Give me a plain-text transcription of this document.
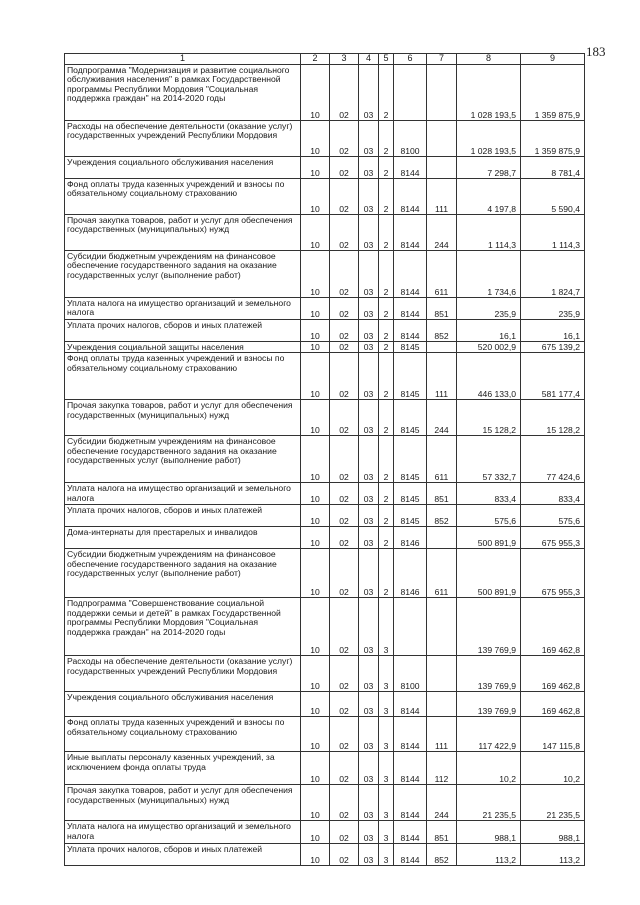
183
1	2	3	4	5	6	7	8	9
Подпрограмма "Модернизация и развитие социального обслуживания населения" в рамках Государственной программы Республики Мордовия "Социальная поддержка граждан" на 2014-2020 годы	10	02	03	2			1 028 193,5	1 359 875,9
Расходы на обеспечение деятельности (оказание услуг) государственных учреждений Республики Мордовия	10	02	03	2	8100		1 028 193,5	1 359 875,9
Учреждения социального обслуживания населения	10	02	03	2	8144		7 298,7	8 781,4
Фонд оплаты труда казенных учреждений и взносы по обязательному социальному страхованию	10	02	03	2	8144	111	4 197,8	5 590,4
Прочая закупка товаров, работ и услуг для обеспечения государственных (муниципальных) нужд	10	02	03	2	8144	244	1 114,3	1 114,3
Субсидии бюджетным учреждениям на финансовое обеспечение государственного задания на оказание государственных услуг (выполнение работ)	10	02	03	2	8144	611	1 734,6	1 824,7
Уплата налога на имущество организаций и земельного налога	10	02	03	2	8144	851	235,9	235,9
Уплата прочих налогов, сборов и иных платежей	10	02	03	2	8144	852	16,1	16,1
Учреждения социальной защиты населения	10	02	03	2	8145		520 002,9	675 139,2
Фонд оплаты труда казенных учреждений и взносы по обязательному социальному страхованию	10	02	03	2	8145	111	446 133,0	581 177,4
Прочая закупка товаров, работ и услуг для обеспечения государственных (муниципальных) нужд	10	02	03	2	8145	244	15 128,2	15 128,2
Субсидии бюджетным учреждениям на финансовое обеспечение государственного задания на оказание государственных услуг (выполнение работ)	10	02	03	2	8145	611	57 332,7	77 424,6
Уплата налога на имущество организаций и земельного налога	10	02	03	2	8145	851	833,4	833,4
Уплата прочих налогов, сборов и иных платежей	10	02	03	2	8145	852	575,6	575,6
Дома-интернаты для престарелых и инвалидов	10	02	03	2	8146		500 891,9	675 955,3
Субсидии бюджетным учреждениям на финансовое обеспечение государственного задания на оказание государственных услуг (выполнение работ)	10	02	03	2	8146	611	500 891,9	675 955,3
Подпрограмма "Совершенствование социальной поддержки семьи и детей" в рамках Государственной программы Республики Мордовия "Социальная поддержка граждан" на 2014-2020 годы	10	02	03	3			139 769,9	169 462,8
Расходы на обеспечение деятельности (оказание услуг) государственных учреждений Республики Мордовия	10	02	03	3	8100		139 769,9	169 462,8
Учреждения социального обслуживания населения	10	02	03	3	8144		139 769,9	169 462,8
Фонд оплаты труда казенных учреждений и взносы по обязательному социальному страхованию	10	02	03	3	8144	111	117 422,9	147 115,8
Иные выплаты персоналу казенных учреждений, за исключением фонда оплаты труда	10	02	03	3	8144	112	10,2	10,2
Прочая закупка товаров, работ и услуг для обеспечения государственных (муниципальных) нужд	10	02	03	3	8144	244	21 235,5	21 235,5
Уплата налога на имущество организаций и земельного налога	10	02	03	3	8144	851	988,1	988,1
Уплата прочих налогов, сборов и иных платежей	10	02	03	3	8144	852	113,2	113,2
